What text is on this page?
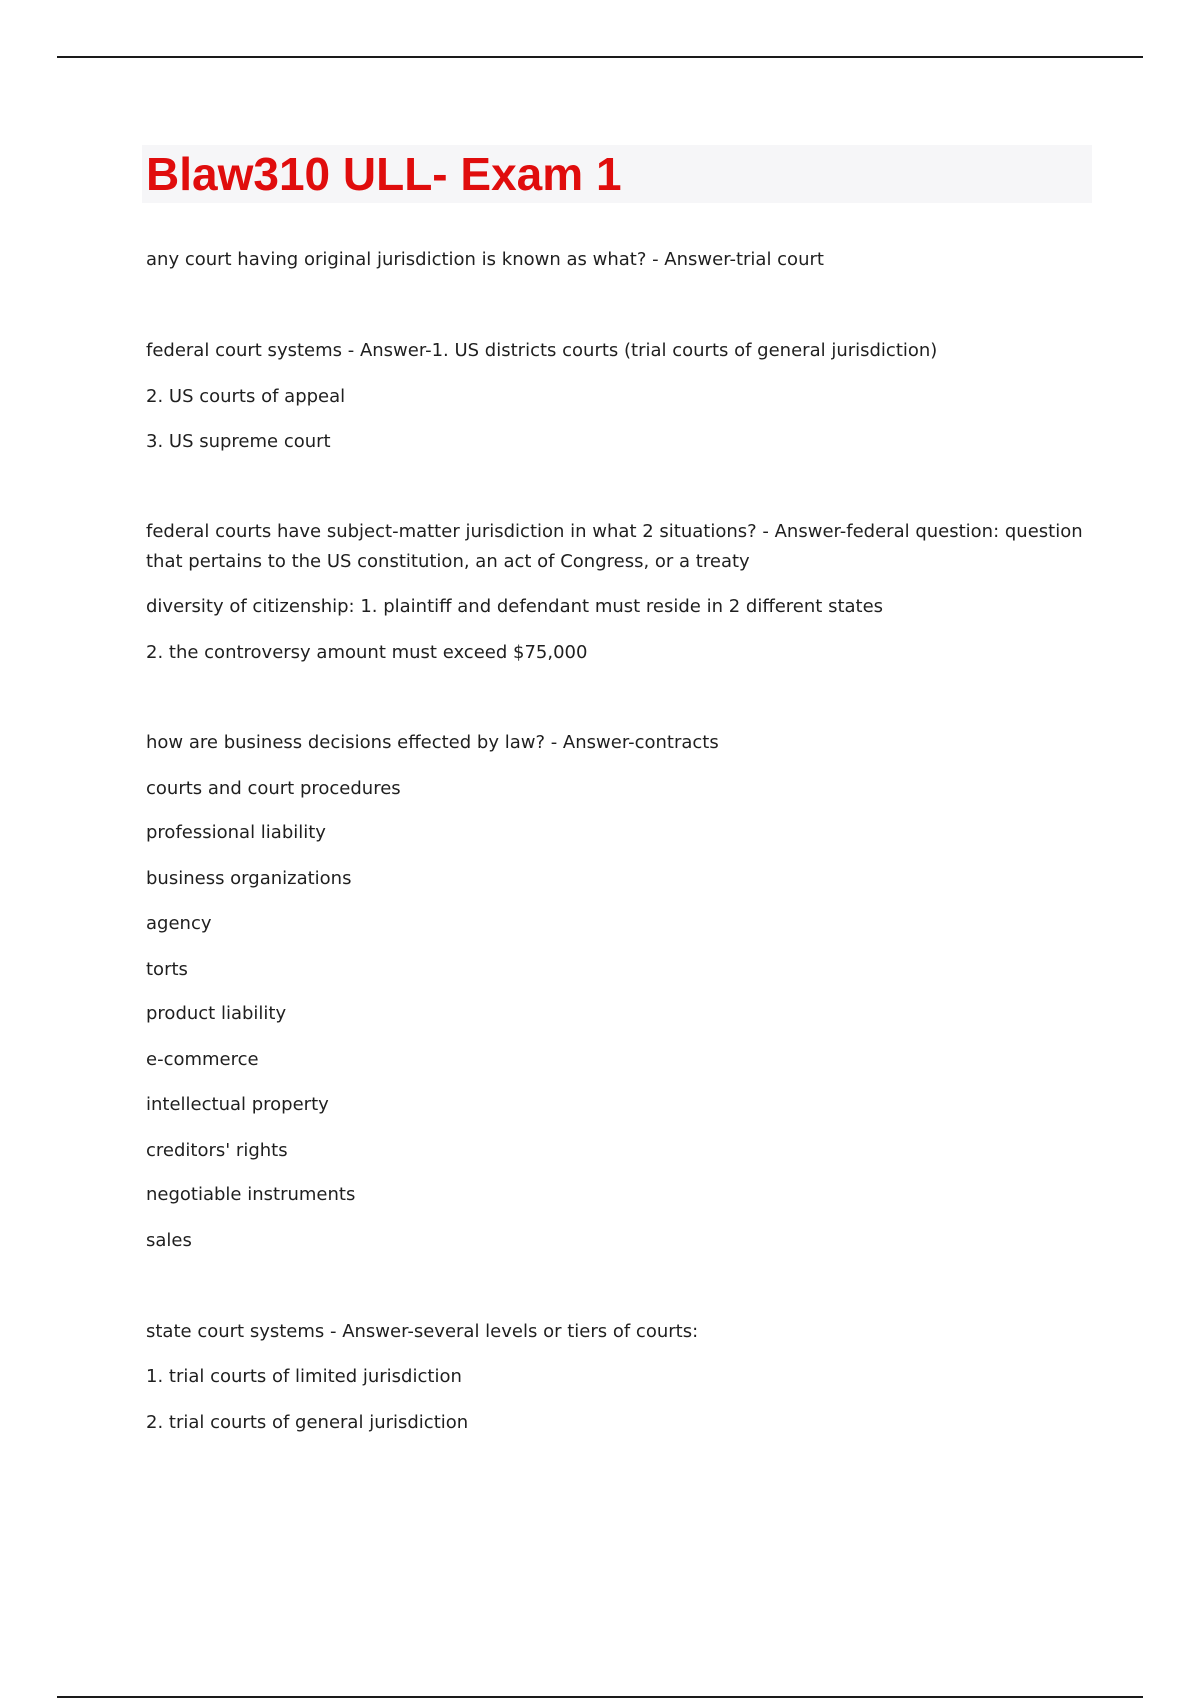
Blaw310 ULL- Exam 1

any court having original jurisdiction is known as what? - Answer-trial court

federal court systems - Answer-1. US districts courts (trial courts of general jurisdiction)

2. US courts of appeal

3. US supreme court

federal courts have subject-matter jurisdiction in what 2 situations? - Answer-federal question: question that pertains to the US constitution, an act of Congress, or a treaty

diversity of citizenship: 1. plaintiff and defendant must reside in 2 different states

2. the controversy amount must exceed $75,000

how are business decisions effected by law? - Answer-contracts

courts and court procedures

professional liability

business organizations

agency

torts

product liability

e-commerce

intellectual property

creditors' rights

negotiable instruments

sales

state court systems - Answer-several levels or tiers of courts:

1. trial courts of limited jurisdiction

2. trial courts of general jurisdiction
